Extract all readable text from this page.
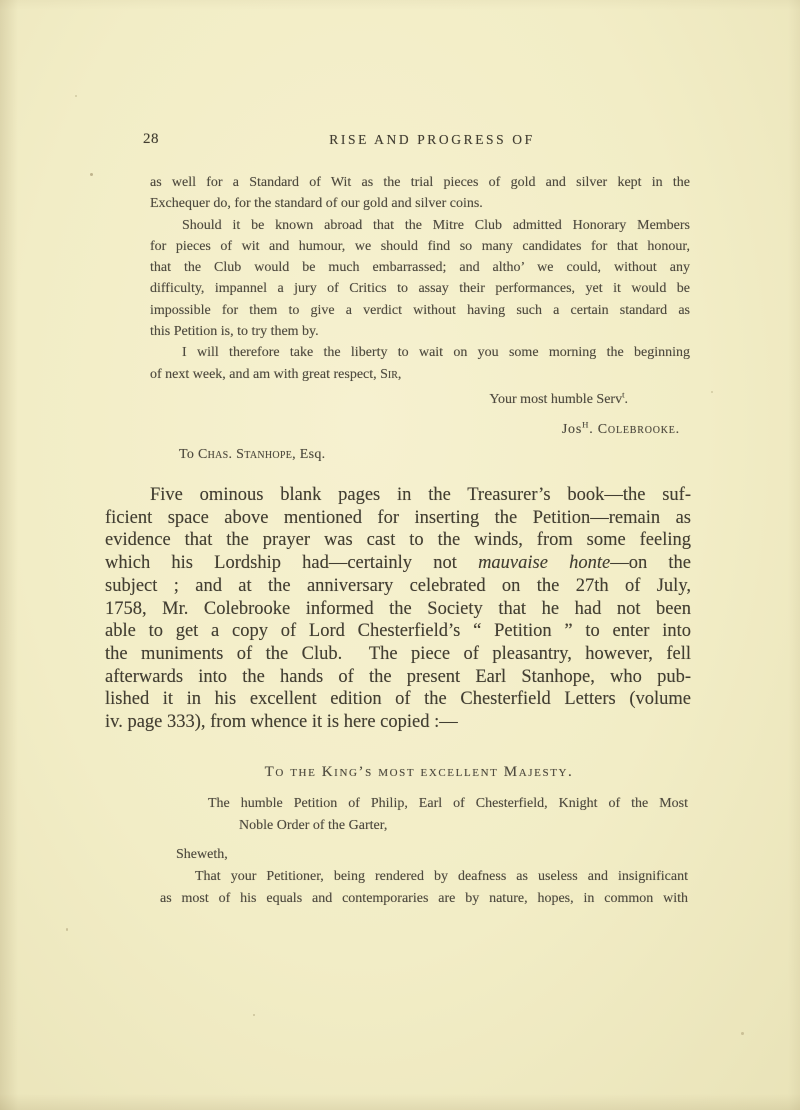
28	RISE AND PROGRESS OF
as well for a Standard of Wit as the trial pieces of gold and silver kept in the
Exchequer do, for the standard of our gold and silver coins.
Should it be known abroad that the Mitre Club admitted Honorary Members
for pieces of wit and humour, we should find so many candidates for that honour,
that the Club would be much embarrassed; and altho’ we could, without any
difficulty, impannel a jury of Critics to assay their performances, yet it would be
impossible for them to give a verdict without having such a certain standard as
this Petition is, to try them by.
I will therefore take the liberty to wait on you some morning the beginning
of next week, and am with great respect, Sir,
Your most humble Serv$^t$.
Jos$^H$. Colebrooke.
To Chas. Stanhope, Esq.
Five ominous blank pages in the Treasurer’s book—the suf-
ficient space above mentioned for inserting the Petition—remain as
evidence that the prayer was cast to the winds, from some feeling
which his Lordship had—certainly not mauvaise honte—on the
subject ; and at the anniversary celebrated on the 27th of July,
1758, Mr. Colebrooke informed the Society that he had not been
able to get a copy of Lord Chesterfield’s “ Petition ” to enter into
the muniments of the Club.  The piece of pleasantry, however, fell
afterwards into the hands of the present Earl Stanhope, who pub-
lished it in his excellent edition of the Chesterfield Letters (volume
iv. page 333), from whence it is here copied :—
To the King’s most excellent Majesty.
The humble Petition of Philip, Earl of Chesterfield, Knight of the Most
Noble Order of the Garter,
Sheweth,
That your Petitioner, being rendered by deafness as useless and insignificant
as most of his equals and contemporaries are by nature, hopes, in common with
